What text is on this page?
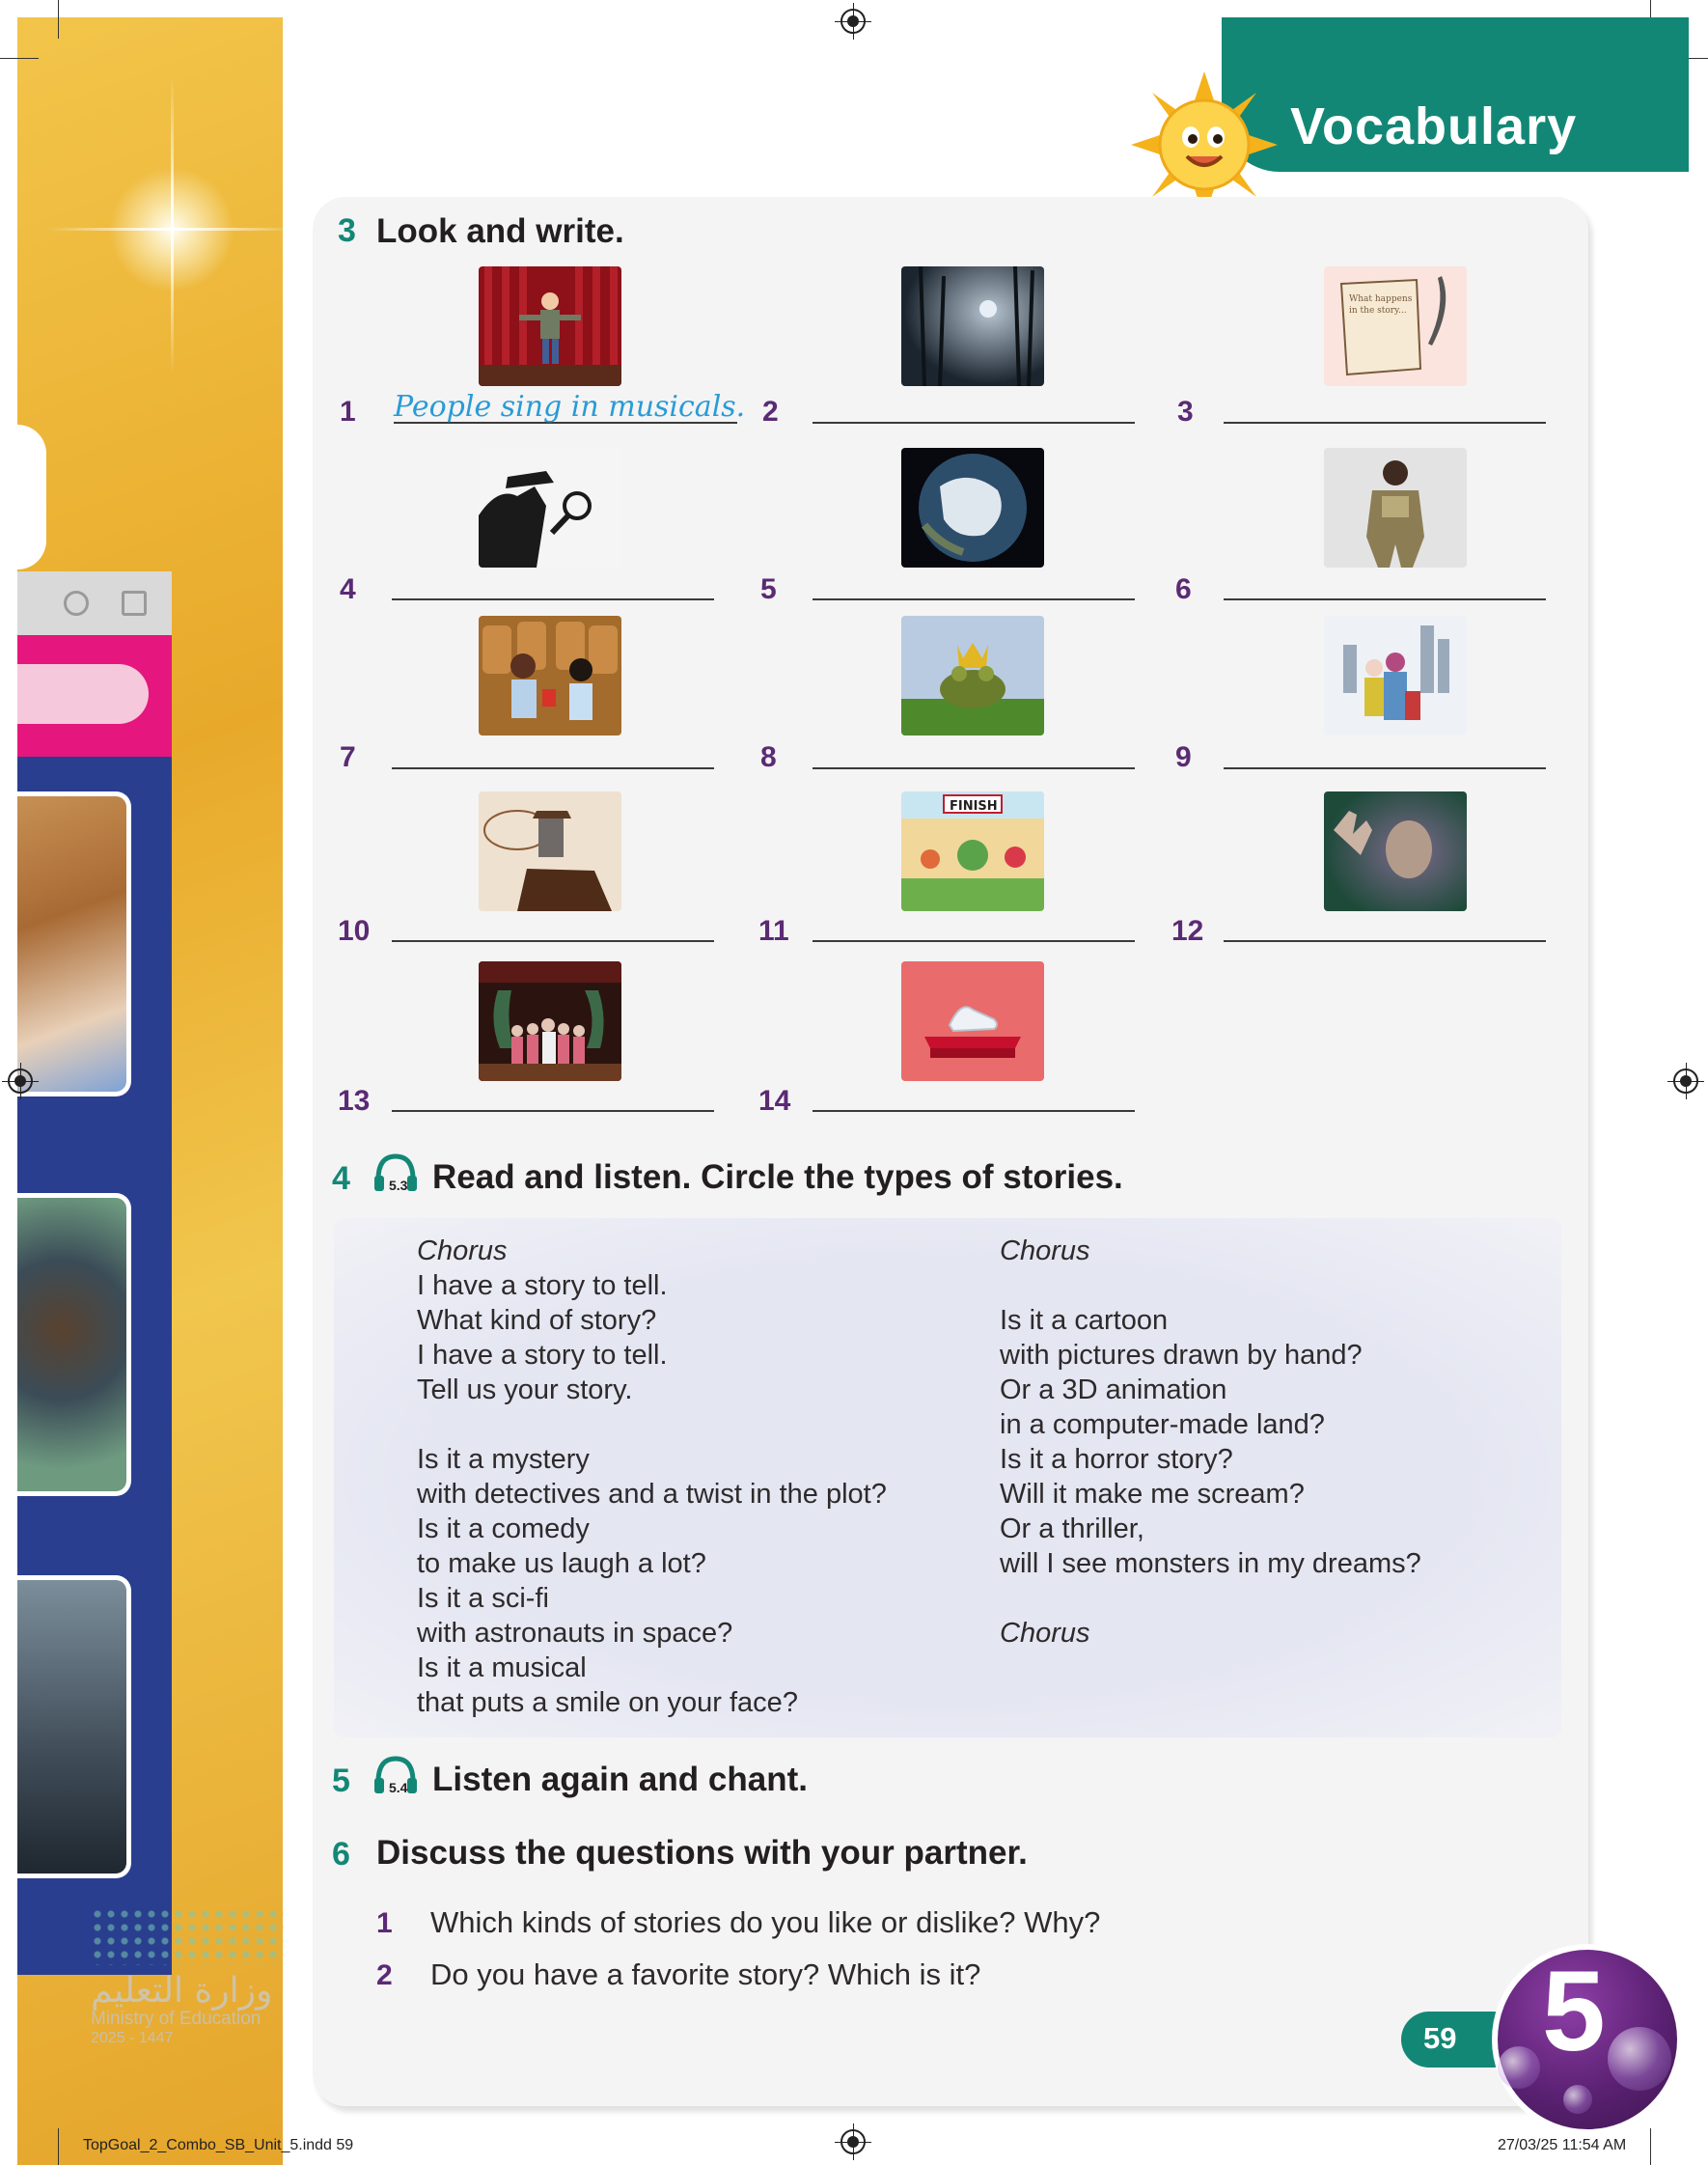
وزارة التعليم
Ministry of Education
2025 - 1447
Vocabulary
3 Look and write.
What happens
in the story...
FINISH
1 People sing in musicals. 2	3
4	5	6
7	8	9
10	11	12
13	14
4	5.3 Read and listen. Circle the types of stories.
Chorus
I have a story to tell.
What kind of story?
I have a story to tell.
Tell us your story.
Is it a mystery
with detectives and a twist in the plot?
Is it a comedy
to make us laugh a lot?
Is it a sci-fi
with astronauts in space?
Is it a musical
that puts a smile on your face?
Chorus
Is it a cartoon
with pictures drawn by hand?
Or a 3D animation
in a computer-made land?
Is it a horror story?
Will it make me scream?
Or a thriller,
will I see monsters in my dreams?
Chorus
5	5.4 Listen again and chant.
6 Discuss the questions with your partner.
1 Which kinds of stories do you like or dislike? Why?
2 Do you have a favorite story? Which is it?
59 5
TopGoal_2_Combo_SB_Unit_5.indd 59	27/03/25 11:54 AM
